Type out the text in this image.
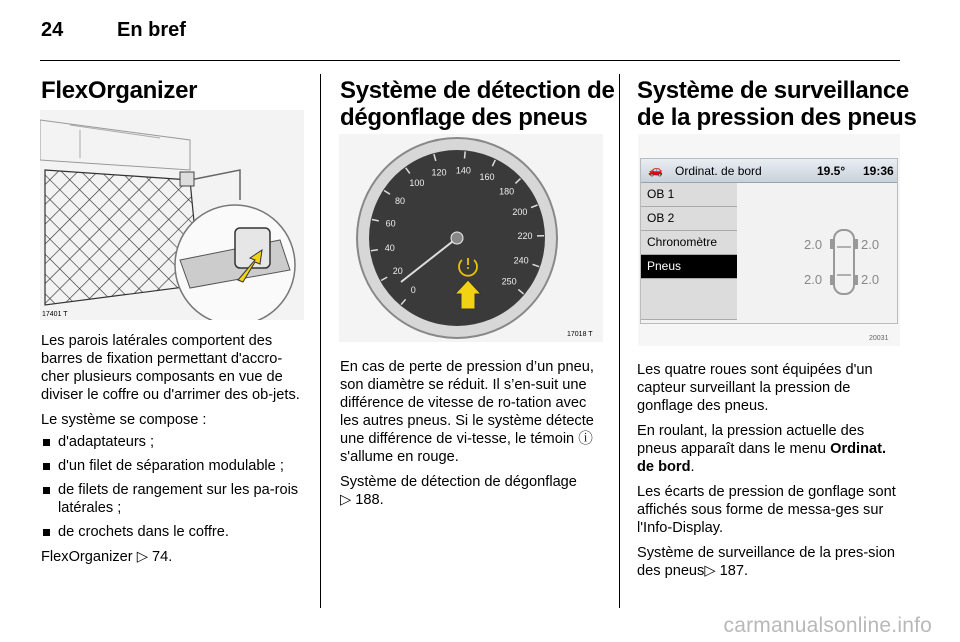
24	En bref
FlexOrganizer
17401 T

Les parois latérales comportent des barres de fixation permettant d'accro-cher plusieurs composants en vue de diviser le coffre ou d'arrimer des ob-jets.

Le système se compose :

d'adaptateurs ;
d'un filet de séparation modulable ;
de filets de rangement sur les pa-rois latérales ;
de crochets dans le coffre.

FlexOrganizer ▷ 74.

Système de détection de
dégonflage des pneus
0
20
40
60
80
100
120 140
160
180
200
220
240
250
17018 T

En cas de perte de pression d’un pneu, son diamètre se réduit. Il s’en-suit une différence de vitesse de ro-tation avec les autres pneus. Si le système détecte une différence de vi-tesse, le témoin ⓘ s'allume en rouge.

Système de détection de dégonflage
▷ 188.

Système de surveillance
de la pression des pneus
🚗 Ordinat. de bord	19.5° 19:36
OB 1
OB 2
Chronomètre
Pneus
2.0	2.0
2.0	2.0
20031

Les quatre roues sont équipées d'un capteur surveillant la pression de gonflage des pneus.

En roulant, la pression actuelle des pneus apparaît dans le menu Ordinat. de bord.

Les écarts de pression de gonflage sont affichés sous forme de messa-ges sur l'Info-Display.

Système de surveillance de la pres-sion des pneus▷ 187.

carmanualsonline.info
